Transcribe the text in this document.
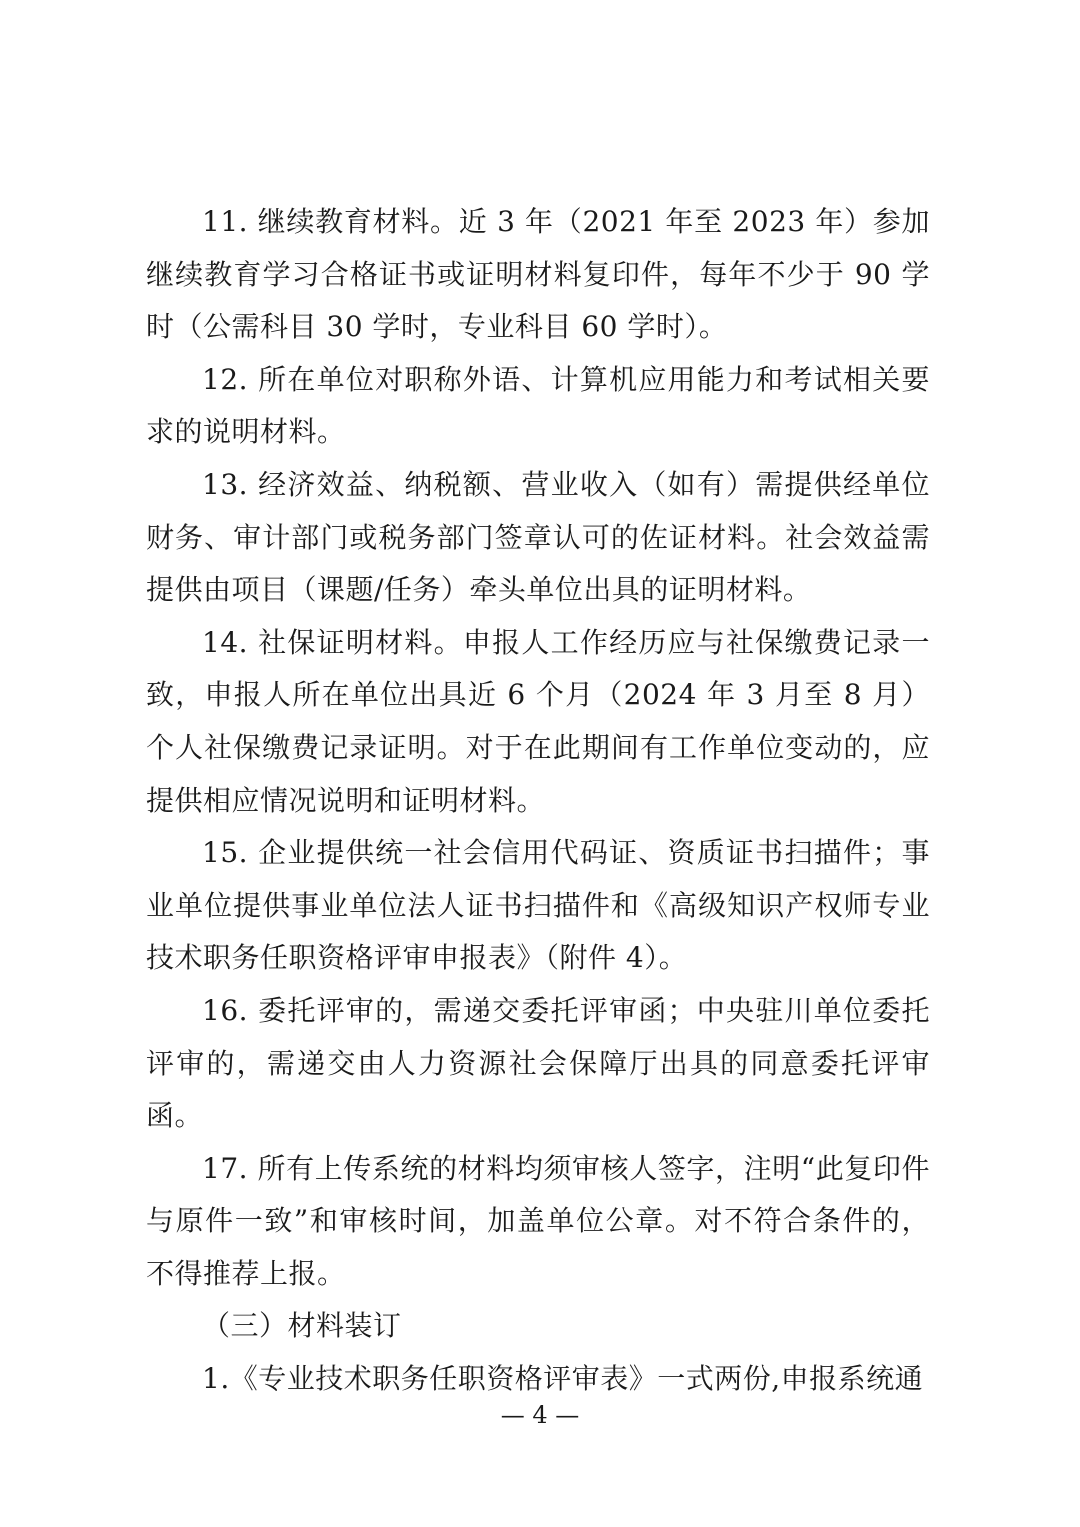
11. 继续教育材料。近 3 年（2021 年至 2023 年）参加继续教育学习合格证书或证明材料复印件，每年不少于 90 学时（公需科目 30 学时，专业科目 60 学时）。

12. 所在单位对职称外语、计算机应用能力和考试相关要求的说明材料。

13. 经济效益、纳税额、营业收入（如有）需提供经单位财务、审计部门或税务部门签章认可的佐证材料。社会效益需提供由项目（课题/任务）牵头单位出具的证明材料。

14. 社保证明材料。申报人工作经历应与社保缴费记录一致，申报人所在单位出具近 6 个月（2024 年 3 月至 8 月）个人社保缴费记录证明。对于在此期间有工作单位变动的，应提供相应情况说明和证明材料。

15. 企业提供统一社会信用代码证、资质证书扫描件；事业单位提供事业单位法人证书扫描件和《高级知识产权师专业技术职务任职资格评审申报表》（附件 4）。

16. 委托评审的，需递交委托评审函；中央驻川单位委托评审的，需递交由人力资源社会保障厅出具的同意委托评审函。

17. 所有上传系统的材料均须审核人签字，注明“此复印件与原件一致”和审核时间，加盖单位公章。对不符合条件的，不得推荐上报。

（三）材料装订

1.《专业技术职务任职资格评审表》一式两份,申报系统通

— 4 —
